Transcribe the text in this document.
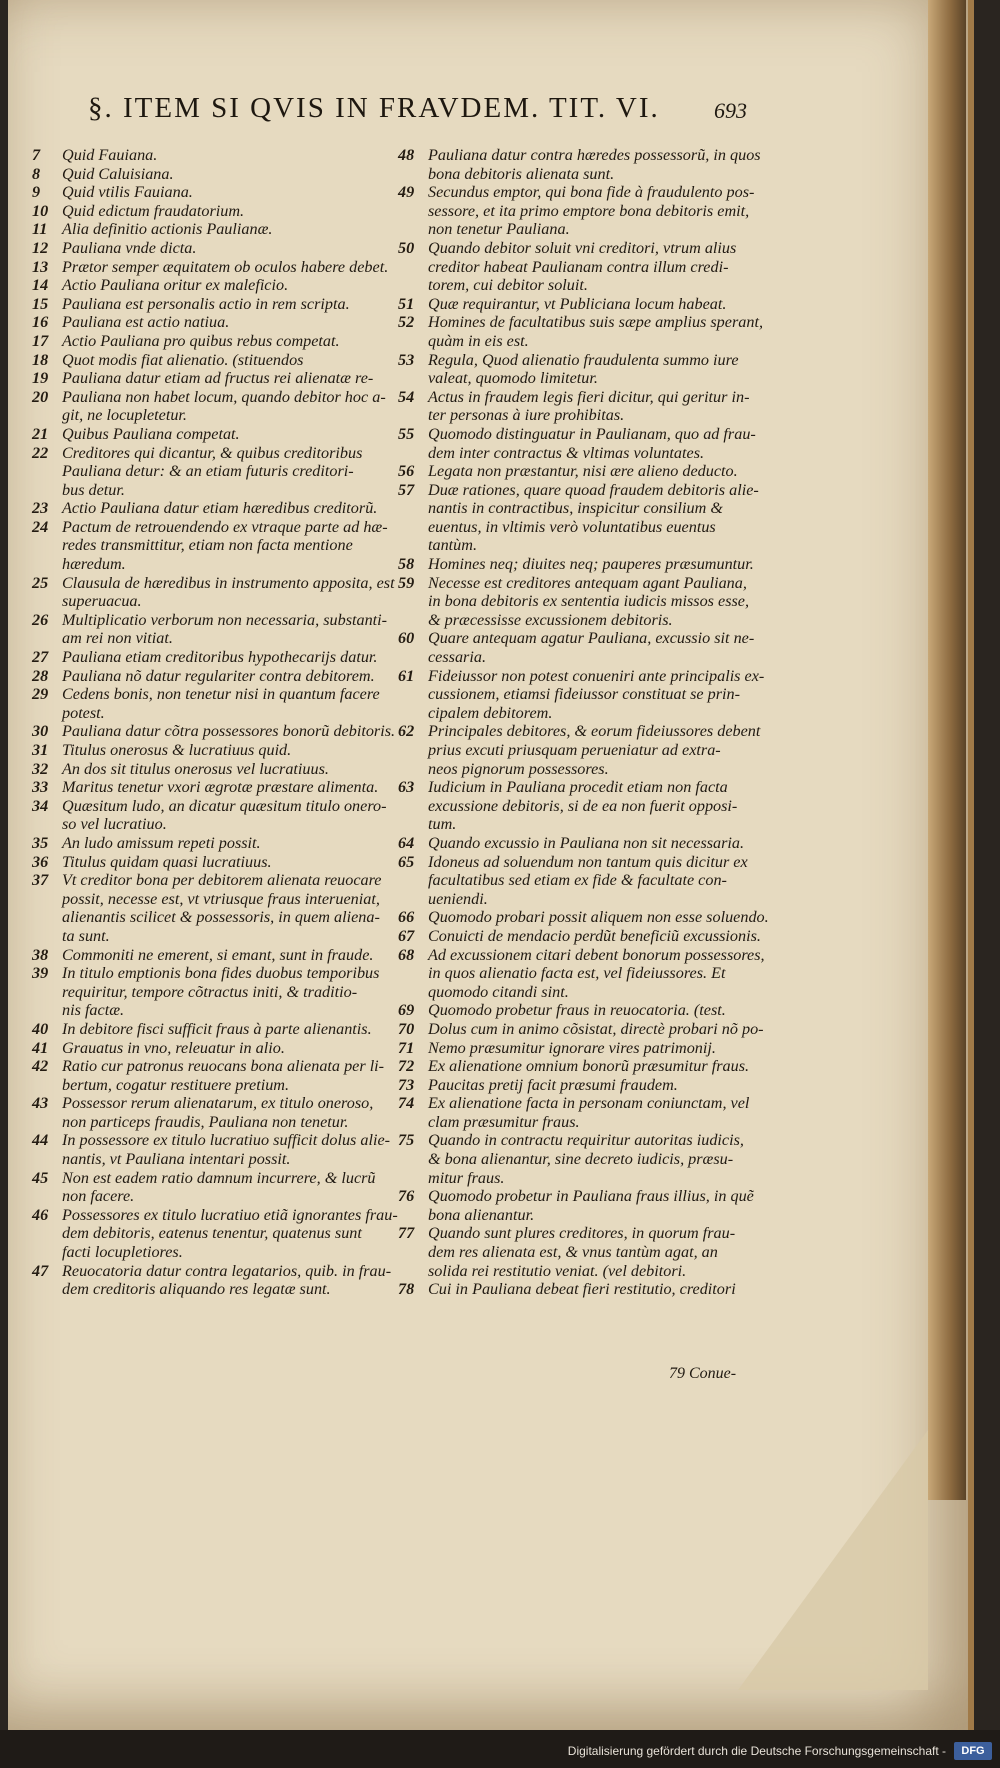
§. ITEM SI QVIS IN FRAVDEM. TIT. VI. 693
7	Quid Fauiana.
8	Quid Caluisiana.
9	Quid vtilis Fauiana.
10 Quid edictum fraudatorium.
11 Alia definitio actionis Paulianæ.
12 Pauliana vnde dicta.
13 Prætor semper æquitatem ob oculos habere debet.
14 Actio Pauliana oritur ex maleficio.
15 Pauliana est personalis actio in rem scripta.
16 Pauliana est actio natiua.
17 Actio Pauliana pro quibus rebus competat.
18 Quot modis fiat alienatio. (stituendos
19 Pauliana datur etiam ad fructus rei alienatæ re-
20 Pauliana non habet locum, quando debitor hoc a-
git, ne locupletetur.
21 Quibus Pauliana competat.
22 Creditores qui dicantur, & quibus creditoribus
Pauliana detur: & an etiam futuris creditori-
bus detur.
23 Actio Pauliana datur etiam hæredibus creditorũ.
24 Pactum de retrouendendo ex vtraque parte ad hæ-
redes transmittitur, etiam non facta mentione
hæredum.
25 Clausula de hæredibus in instrumento apposita, est
superuacua.
26 Multiplicatio verborum non necessaria, substanti-
am rei non vitiat.
27 Pauliana etiam creditoribus hypothecarijs datur.
28 Pauliana nõ datur regulariter contra debitorem.
29 Cedens bonis, non tenetur nisi in quantum facere
potest.
30 Pauliana datur cõtra possessores bonorũ debitoris.
31 Titulus onerosus & lucratiuus quid.
32 An dos sit titulus onerosus vel lucratiuus.
33 Maritus tenetur vxori ægrotæ præstare alimenta.
34 Quæsitum ludo, an dicatur quæsitum titulo onero-
so vel lucratiuo.
35 An ludo amissum repeti possit.
36 Titulus quidam quasi lucratiuus.
37 Vt creditor bona per debitorem alienata reuocare
possit, necesse est, vt vtriusque fraus interueniat,
alienantis scilicet & possessoris, in quem aliena-
ta sunt.
38 Commoniti ne emerent, si emant, sunt in fraude.
39 In titulo emptionis bona fides duobus temporibus
requiritur, tempore cõtractus initi, & traditio-
nis factæ.
40 In debitore fisci sufficit fraus à parte alienantis.
41 Grauatus in vno, releuatur in alio.
42 Ratio cur patronus reuocans bona alienata per li-
bertum, cogatur restituere pretium.
43 Possessor rerum alienatarum, ex titulo oneroso,
non particeps fraudis, Pauliana non tenetur.
44 In possessore ex titulo lucratiuo sufficit dolus alie-
nantis, vt Pauliana intentari possit.
45 Non est eadem ratio damnum incurrere, & lucrũ
non facere.
46 Possessores ex titulo lucratiuo etiã ignorantes frau-
dem debitoris, eatenus tenentur, quatenus sunt
facti locupletiores.
47 Reuocatoria datur contra legatarios, quib. in frau-
dem creditoris aliquando res legatæ sunt.
48 Pauliana datur contra hæredes possessorũ, in quos
bona debitoris alienata sunt.
49 Secundus emptor, qui bona fide à fraudulento pos-
sessore, et ita primo emptore bona debitoris emit,
non tenetur Pauliana.
50 Quando debitor soluit vni creditori, vtrum alius
creditor habeat Paulianam contra illum credi-
torem, cui debitor soluit.
51 Quæ requirantur, vt Publiciana locum habeat.
52 Homines de facultatibus suis sæpe amplius sperant,
quàm in eis est.
53 Regula, Quod alienatio fraudulenta summo iure
valeat, quomodo limitetur.
54 Actus in fraudem legis fieri dicitur, qui geritur in-
ter personas à iure prohibitas.
55 Quomodo distinguatur in Paulianam, quo ad frau-
dem inter contractus & vltimas voluntates.
56 Legata non præstantur, nisi ære alieno deducto.
57 Duæ rationes, quare quoad fraudem debitoris alie-
nantis in contractibus, inspicitur consilium &
euentus, in vltimis verò voluntatibus euentus
tantùm.
58 Homines neq; diuites neq; pauperes præsumuntur.
59 Necesse est creditores antequam agant Pauliana,
in bona debitoris ex sententia iudicis missos esse,
& præcessisse excussionem debitoris.
60 Quare antequam agatur Pauliana, excussio sit ne-
cessaria.
61 Fideiussor non potest conueniri ante principalis ex-
cussionem, etiamsi fideiussor constituat se prin-
cipalem debitorem.
62 Principales debitores, & eorum fideiussores debent
prius excuti priusquam perueniatur ad extra-
neos pignorum possessores.
63 Iudicium in Pauliana procedit etiam non facta
excussione debitoris, si de ea non fuerit opposi-
tum.
64 Quando excussio in Pauliana non sit necessaria.
65 Idoneus ad soluendum non tantum quis dicitur ex
facultatibus sed etiam ex fide & facultate con-
ueniendi.
66 Quomodo probari possit aliquem non esse soluendo.
67 Conuicti de mendacio perdũt beneficiũ excussionis.
68 Ad excussionem citari debent bonorum possessores,
in quos alienatio facta est, vel fideiussores. Et
quomodo citandi sint.
69 Quomodo probetur fraus in reuocatoria. (test.
70 Dolus cum in animo cõsistat, directè probari nõ po-
71 Nemo præsumitur ignorare vires patrimonij.
72 Ex alienatione omnium bonorũ præsumitur fraus.
73 Paucitas pretij facit præsumi fraudem.
74 Ex alienatione facta in personam coniunctam, vel
clam præsumitur fraus.
75 Quando in contractu requiritur autoritas iudicis,
& bona alienantur, sine decreto iudicis, præsu-
mitur fraus.
76 Quomodo probetur in Pauliana fraus illius, in quẽ
bona alienantur.
77 Quando sunt plures creditores, in quorum frau-
dem res alienata est, & vnus tantùm agat, an
solida rei restitutio veniat. (vel debitori.
78 Cui in Pauliana debeat fieri restitutio, creditori
79 Conue-
Digitalisierung gefördert durch die Deutsche Forschungsgemeinschaft -	DFG
